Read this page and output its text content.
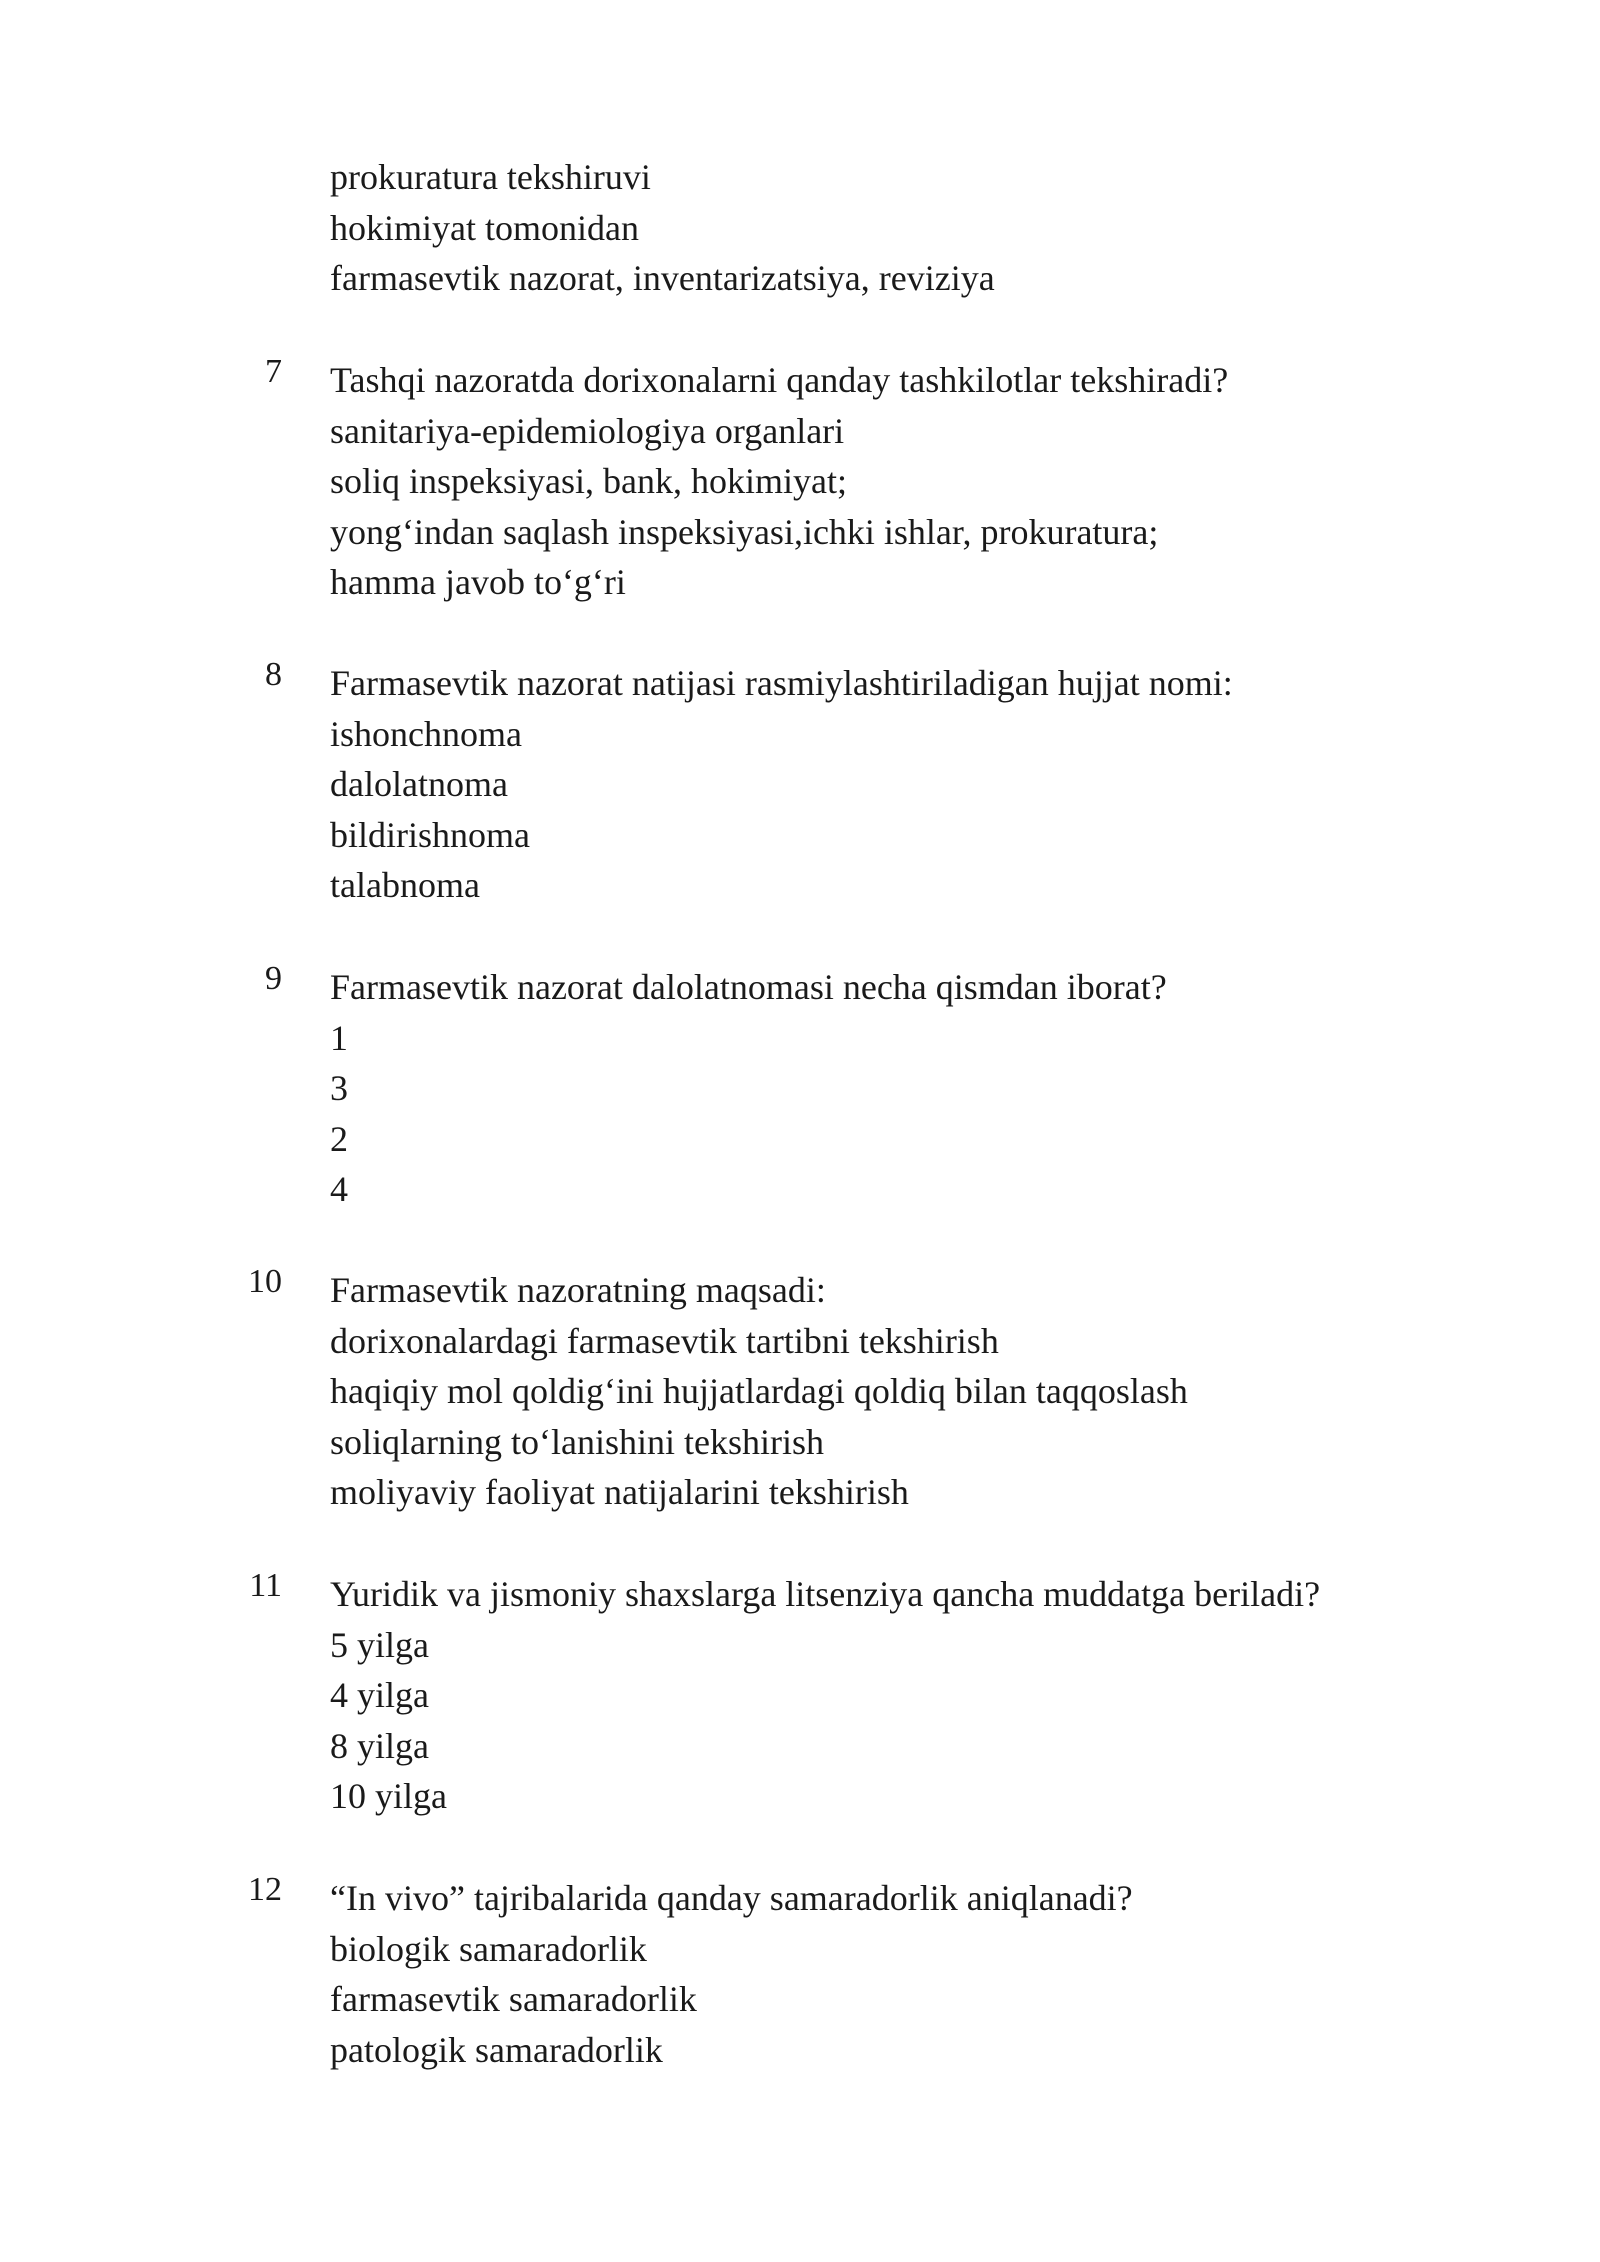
prokuratura tekshiruvi

hokimiyat tomonidan

farmasevtik nazorat, inventarizatsiya, reviziya

7 Tashqi nazoratda dorixonalarni qanday tashkilotlar tekshiradi?

sanitariya-epidemiologiya organlari

soliq inspeksiyasi, bank, hokimiyat;

yong‘indan saqlash inspeksiyasi,ichki ishlar, prokuratura;

hamma javob to‘g‘ri

8 Farmasevtik nazorat natijasi rasmiylashtiriladigan hujjat nomi:

ishonchnoma

dalolatnoma

bildirishnoma

talabnoma

9 Farmasevtik nazorat dalolatnomasi necha qismdan iborat?

1

3

2

4

10 Farmasevtik nazoratning maqsadi:

dorixonalardagi farmasevtik tartibni tekshirish

haqiqiy mol qoldig‘ini hujjatlardagi qoldiq bilan taqqoslash

soliqlarning to‘lanishini tekshirish

moliyaviy faoliyat natijalarini tekshirish

11 Yuridik va jismoniy shaxslarga litsenziya qancha muddatga beriladi?

5 yilga

4 yilga

8 yilga

10 yilga

12 “In vivo” tajribalarida qanday samaradorlik aniqlanadi?

biologik samaradorlik

farmasevtik samaradorlik

patologik samaradorlik
